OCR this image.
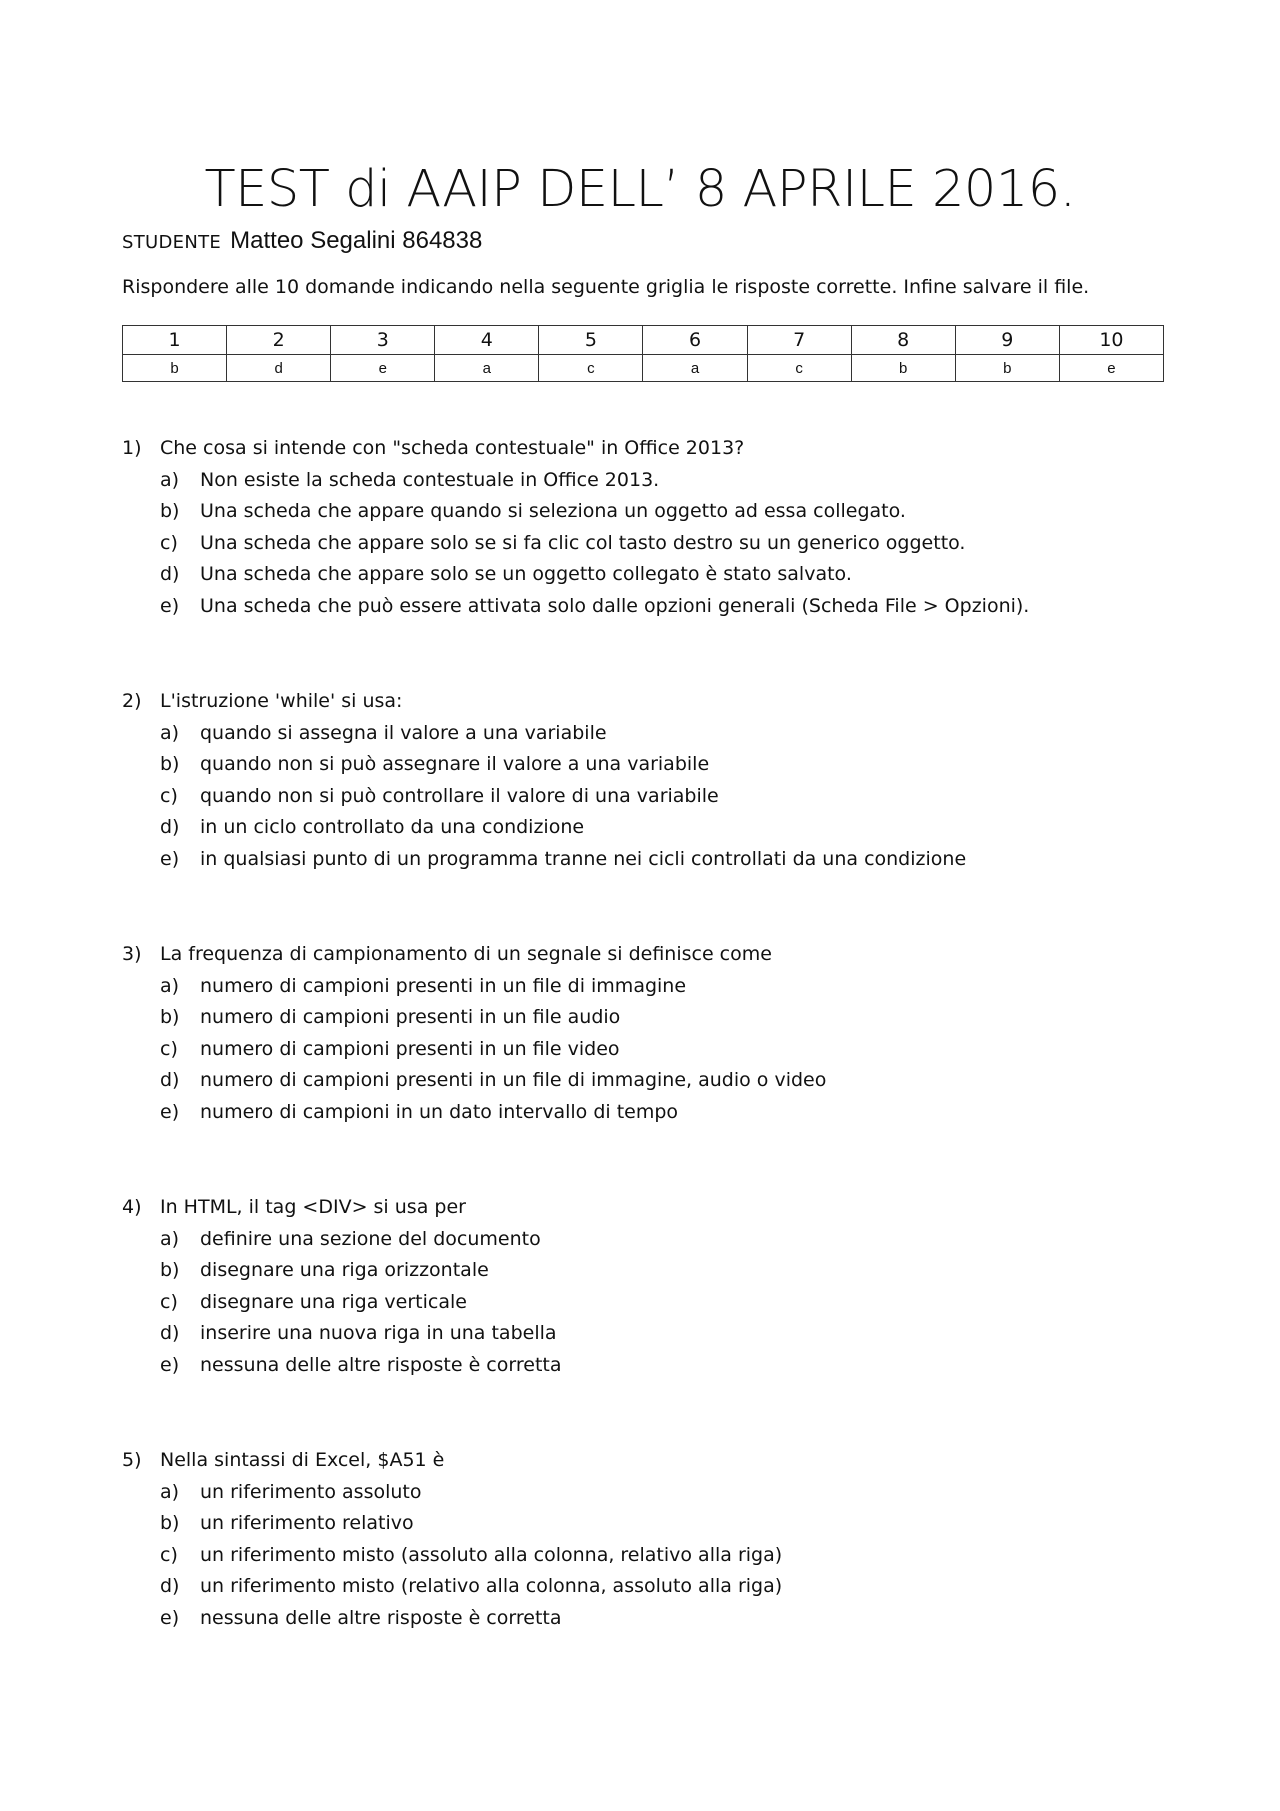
TEST di AAIP DELL’ 8 APRILE 2016.
STUDENTE Matteo Segalini 864838
Rispondere alle 10 domande indicando nella seguente griglia le risposte corrette. Infine salvare il file.
1	2	3	4	5	6	7	8	9	10
b	d	e	a	c	a	c	b	b	e
1) Che cosa si intende con "scheda contestuale" in Office 2013?
a) Non esiste la scheda contestuale in Office 2013.
b) Una scheda che appare quando si seleziona un oggetto ad essa collegato.
c) Una scheda che appare solo se si fa clic col tasto destro su un generico oggetto.
d) Una scheda che appare solo se un oggetto collegato è stato salvato.
e) Una scheda che può essere attivata solo dalle opzioni generali (Scheda File > Opzioni).
2) L'istruzione 'while' si usa:
a) quando si assegna il valore a una variabile
b) quando non si può assegnare il valore a una variabile
c) quando non si può controllare il valore di una variabile
d) in un ciclo controllato da una condizione
e) in qualsiasi punto di un programma tranne nei cicli controllati da una condizione
3) La frequenza di campionamento di un segnale si definisce come
a) numero di campioni presenti in un file di immagine
b) numero di campioni presenti in un file audio
c) numero di campioni presenti in un file video
d) numero di campioni presenti in un file di immagine, audio o video
e) numero di campioni in un dato intervallo di tempo
4) In HTML, il tag <DIV> si usa per
a) definire una sezione del documento
b) disegnare una riga orizzontale
c) disegnare una riga verticale
d) inserire una nuova riga in una tabella
e) nessuna delle altre risposte è corretta
5) Nella sintassi di Excel, $A51 è
a) un riferimento assoluto
b) un riferimento relativo
c) un riferimento misto (assoluto alla colonna, relativo alla riga)
d) un riferimento misto (relativo alla colonna, assoluto alla riga)
e) nessuna delle altre risposte è corretta
